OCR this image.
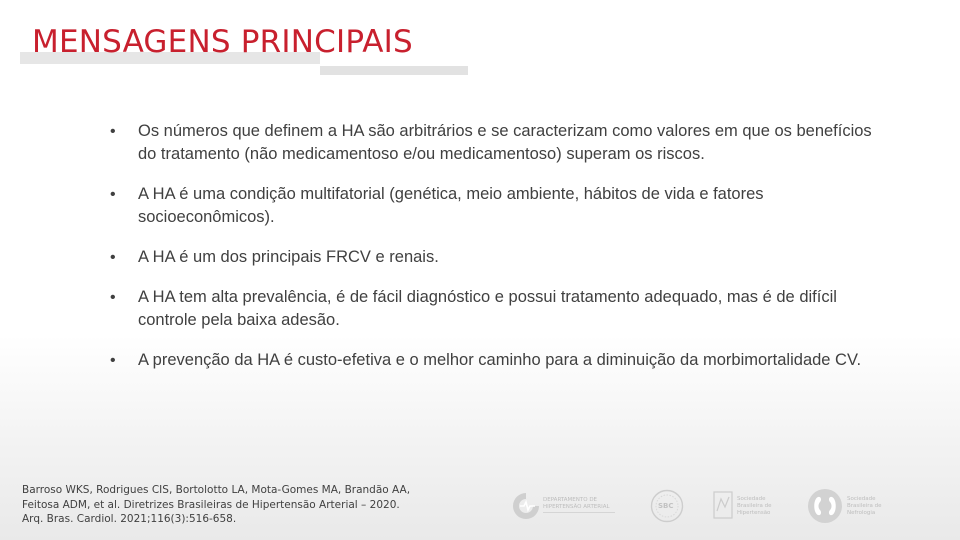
MENSAGENS PRINCIPAIS
• Os números que definem a HA são arbitrários e se caracterizam como valores em que os benefícios do tratamento (não medicamentoso e/ou medicamentoso) superam os riscos.
• A HA é uma condição multifatorial (genética, meio ambiente, hábitos de vida e fatores socioeconômicos).
• A HA é um dos principais FRCV e renais.
• A HA tem alta prevalência, é de fácil diagnóstico e possui tratamento adequado, mas é de difícil controle pela baixa adesão.
• A prevenção da HA é custo-efetiva e o melhor caminho para a diminuição da morbimortalidade CV.
Barroso WKS, Rodrigues CIS, Bortolotto LA, Mota-Gomes MA, Brandão AA,
Feitosa ADM, et al. Diretrizes Brasileiras de Hipertensão Arterial – 2020.
Arq. Bras. Cardiol. 2021;116(3):516-658.
DEPARTAMENTO DE
HIPERTENSÃO ARTERIAL	SBC
Sociedade
Brasileira de
Hipertensão
Sociedade
Brasileira de
Nefrologia
